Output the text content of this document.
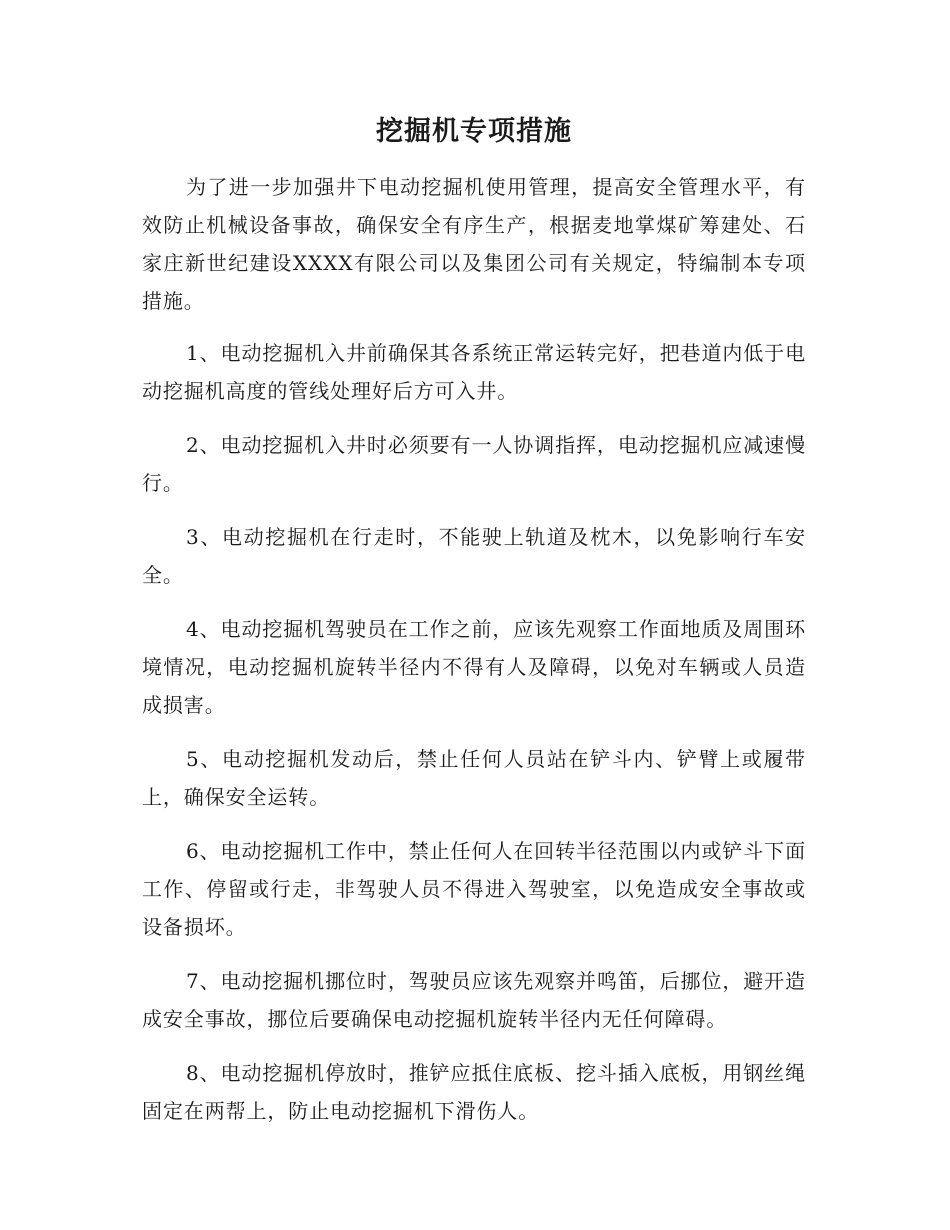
挖掘机专项措施

为了进一步加强井下电动挖掘机使用管理，提高安全管理水平，有效防止机械设备事故，确保安全有序生产，根据麦地掌煤矿筹建处、石家庄新世纪建设XXXX有限公司以及集团公司有关规定，特编制本专项措施。

1、电动挖掘机入井前确保其各系统正常运转完好，把巷道内低于电动挖掘机高度的管线处理好后方可入井。

2、电动挖掘机入井时必须要有一人协调指挥，电动挖掘机应减速慢行。

3、电动挖掘机在行走时，不能驶上轨道及枕木，以免影响行车安全。

4、电动挖掘机驾驶员在工作之前，应该先观察工作面地质及周围环境情况，电动挖掘机旋转半径内不得有人及障碍，以免对车辆或人员造成损害。

5、电动挖掘机发动后，禁止任何人员站在铲斗内、铲臂上或履带上，确保安全运转。

6、电动挖掘机工作中，禁止任何人在回转半径范围以内或铲斗下面工作、停留或行走，非驾驶人员不得进入驾驶室，以免造成安全事故或设备损坏。

7、电动挖掘机挪位时，驾驶员应该先观察并鸣笛，后挪位，避开造成安全事故，挪位后要确保电动挖掘机旋转半径内无任何障碍。

8、电动挖掘机停放时，推铲应抵住底板、挖斗插入底板，用钢丝绳固定在两帮上，防止电动挖掘机下滑伤人。
